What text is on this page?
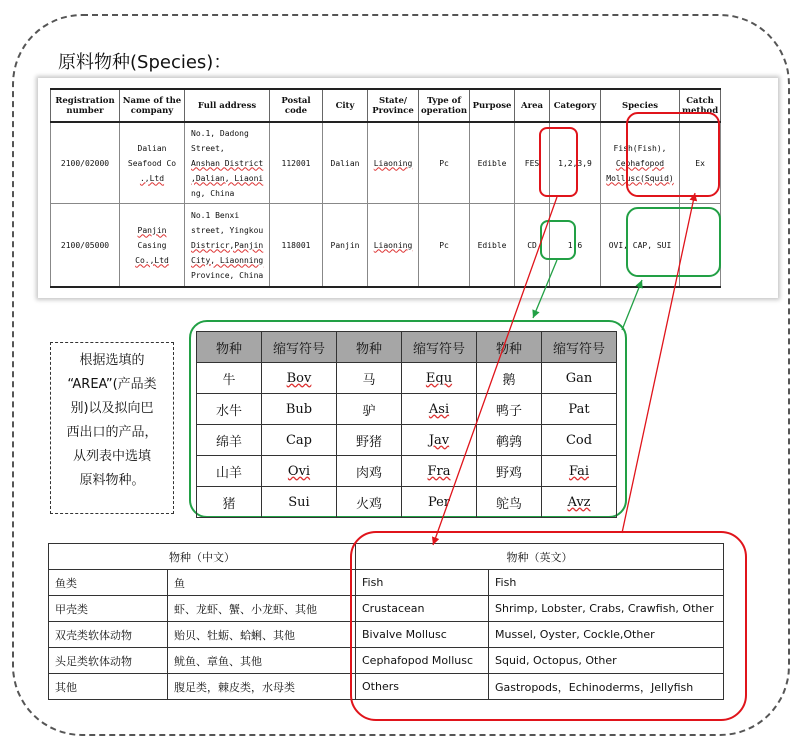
原料物种(Species)：
Registration
number	Name of the
company	Full address	Postal code	City	State/
Province	Type of
operation	Purpose	Area	Category	Species	Catch
method
2100/02000	Dalian
Seafood Co
.,Ltd	No.1, Dadong
Street,
Anshan District
,Dalian, Liaoni
ng, China	112001	Dalian	Liaoning	Pc	Edible	FES	1,2,3,9	Fish(Fish),
Cephafopod
Mollusc(Squid)	Ex
2100/05000	Panjin
Casing
Co.,Ltd	No.1 Benxi
street, Yingkou
Districr,Panjin
City, Liaonning
Province, China	118001	Panjin	Liaoning	Pc	Edible	CD	1,6	OVI, CAP, SUI	
根据选填的
“AREA”(产品类
别)以及拟向巴
西出口的产品，
从列表中选填
原料物种。
物种	缩写符号	物种	缩写符号	物种	缩写符号
牛	Bov	马	Equ	鹅	Gan
水牛	Bub	驴	Asi	鸭子	Pat
绵羊	Cap	野猪	Jav	鹌鹑	Cod
山羊	Ovi	肉鸡	Fra	野鸡	Fai
猪	Sui	火鸡	Per	鸵鸟	Avz
物种（中文）		物种（英文）	
鱼类	鱼	Fish	Fish
甲壳类	虾、龙虾、蟹、小龙虾、其他	Crustacean	Shrimp, Lobster, Crabs, Crawfish, Other
双壳类软体动物	贻贝、牡蛎、蛤蜊、其他	Bivalve Mollusc	Mussel, Oyster, Cockle,Other
头足类软体动物	鱿鱼、章鱼、其他	Cephafopod Mollusc	Squid, Octopus, Other
其他	腹足类，棘皮类，水母类	Others	Gastropods，Echinoderms，Jellyfish
